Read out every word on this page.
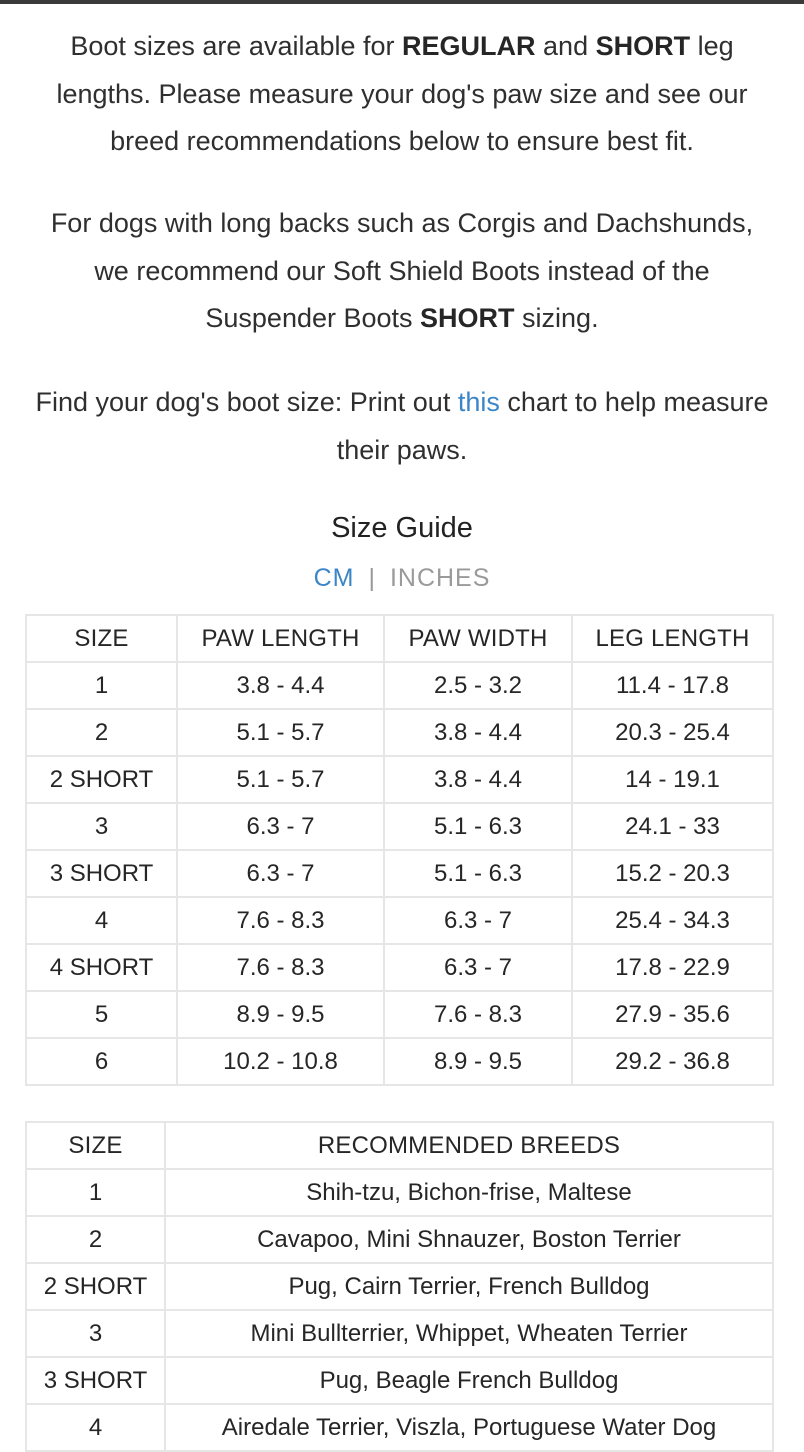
Boot sizes are available for REGULAR and SHORT leg lengths. Please measure your dog's paw size and see our breed recommendations below to ensure best fit.
For dogs with long backs such as Corgis and Dachshunds, we recommend our Soft Shield Boots instead of the Suspender Boots SHORT sizing.
Find your dog's boot size: Print out this chart to help measure their paws.
Size Guide
CM | INCHES
SIZE	PAW LENGTH	PAW WIDTH	LEG LENGTH
1	3.8 - 4.4	2.5 - 3.2	11.4 - 17.8
2	5.1 - 5.7	3.8 - 4.4	20.3 - 25.4
2 SHORT	5.1 - 5.7	3.8 - 4.4	14 - 19.1
3	6.3 - 7	5.1 - 6.3	24.1 - 33
3 SHORT	6.3 - 7	5.1 - 6.3	15.2 - 20.3
4	7.6 - 8.3	6.3 - 7	25.4 - 34.3
4 SHORT	7.6 - 8.3	6.3 - 7	17.8 - 22.9
5	8.9 - 9.5	7.6 - 8.3	27.9 - 35.6
6	10.2 - 10.8	8.9 - 9.5	29.2 - 36.8
SIZE	RECOMMENDED BREEDS
1	Shih-tzu, Bichon-frise, Maltese
2	Cavapoo, Mini Shnauzer, Boston Terrier
2 SHORT	Pug, Cairn Terrier, French Bulldog
3	Mini Bullterrier, Whippet, Wheaten Terrier
3 SHORT	Pug, Beagle French Bulldog
4	Airedale Terrier, Viszla, Portuguese Water Dog
